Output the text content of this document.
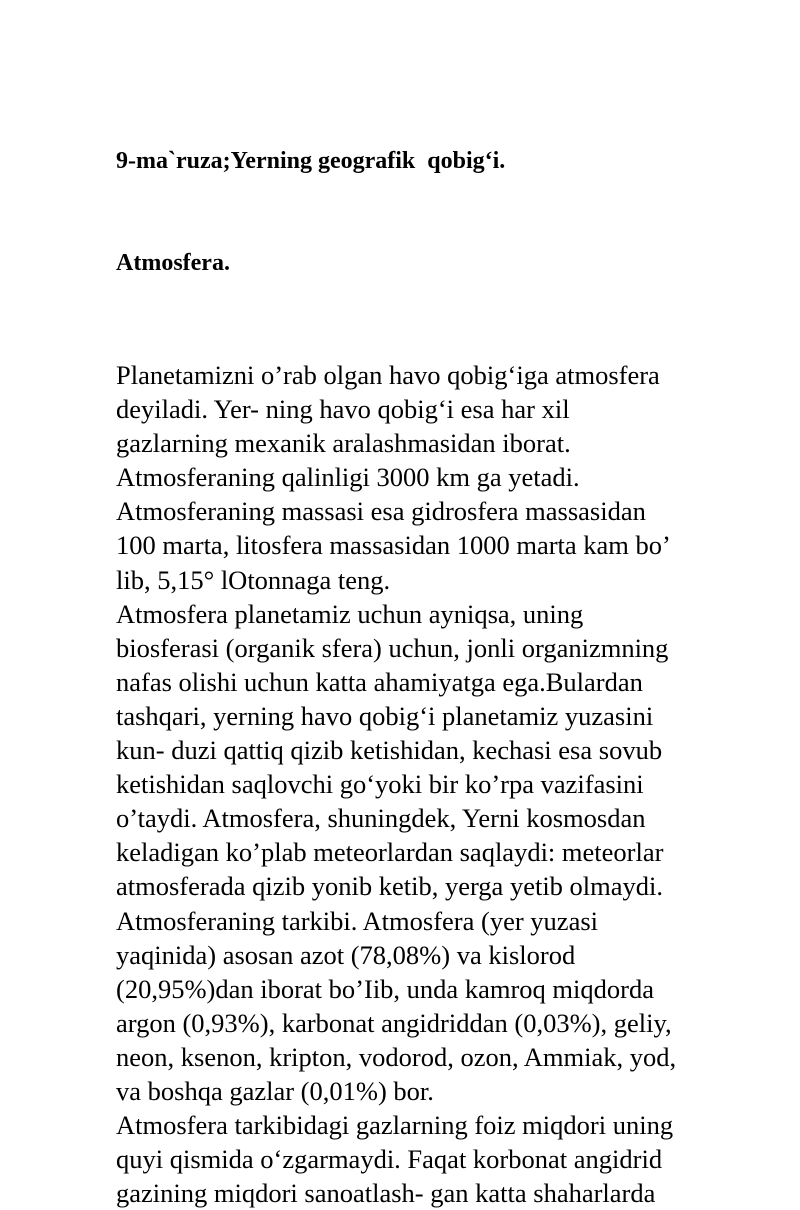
9-ma`ruza;Yerning geografik  qobig‘i.

Atmosfera.

Planetamizni o’rab olgan havo qobig‘iga atmosfera
deyiladi. Yer- ning havo qobig‘i esa har xil
gazlarning mexanik aralashmasidan iborat.
Atmosferaning qalinligi 3000 km ga yetadi.
Atmosferaning massasi esa gidrosfera massasidan
100 marta, litosfera massasidan 1000 marta kam bo’
lib, 5,15° lOtonnaga teng.
Atmosfera planetamiz uchun ayniqsa, uning
biosferasi (organik sfera) uchun, jonli organizmning
nafas olishi uchun katta ahamiyatga ega.Bulardan
tashqari, yerning havo qobig‘i planetamiz yuzasini
kun- duzi qattiq qizib ketishidan, kechasi esa sovub
ketishidan saqlovchi go‘yoki bir ko’rpa vazifasini
o’taydi. Atmosfera, shuningdek, Yerni kosmosdan
keladigan ko’plab meteorlardan saqlaydi: meteorlar
atmosferada qizib yonib ketib, yerga yetib olmaydi.
Atmosferaning tarkibi. Atmosfera (yer yuzasi
yaqinida) asosan azot (78,08%) va kislorod
(20,95%)dan iborat bo’Iib, unda kamroq miqdorda
argon (0,93%), karbonat angidriddan (0,03%), geliy,
neon, ksenon, kripton, vodorod, ozon, Ammiak, yod,
va boshqa gazlar (0,01%) bor.
Atmosfera tarkibidagi gazlarning foiz miqdori uning
quyi qismida o‘zgarmaydi. Faqat korbonat angidrid
gazining miqdori sanoatlash- gan katta shaharlarda
